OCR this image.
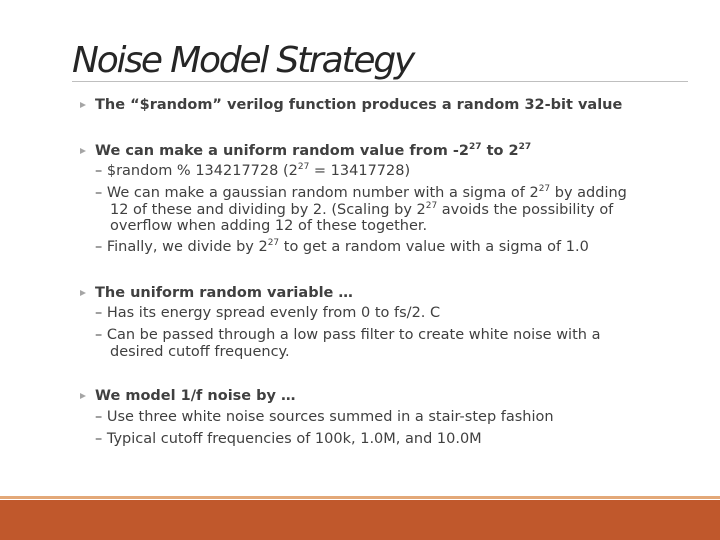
Noise Model Strategy

The “$random” verilog function produces a random 32-bit value

We can make a uniform random value from $-2^{27}$ to $2^{27}$

– $random % 134217728 $(2^{27} = 13417728)$

– We can make a gaussian random number with a sigma of $2^{27}$ by adding

12 of these and dividing by 2. (Scaling by $2^{27}$ avoids the possibility of

overflow when adding 12 of these together.

– Finally, we divide by $2^{27}$ to get a random value with a sigma of 1.0

The uniform random variable …

– Has its energy spread evenly from 0 to fs/2. C

– Can be passed through a low pass filter to create white noise with a

desired cutoff frequency.

We model 1/f noise by …

– Use three white noise sources summed in a stair-step fashion

– Typical cutoff frequencies of 100k, 1.0M, and 10.0M
